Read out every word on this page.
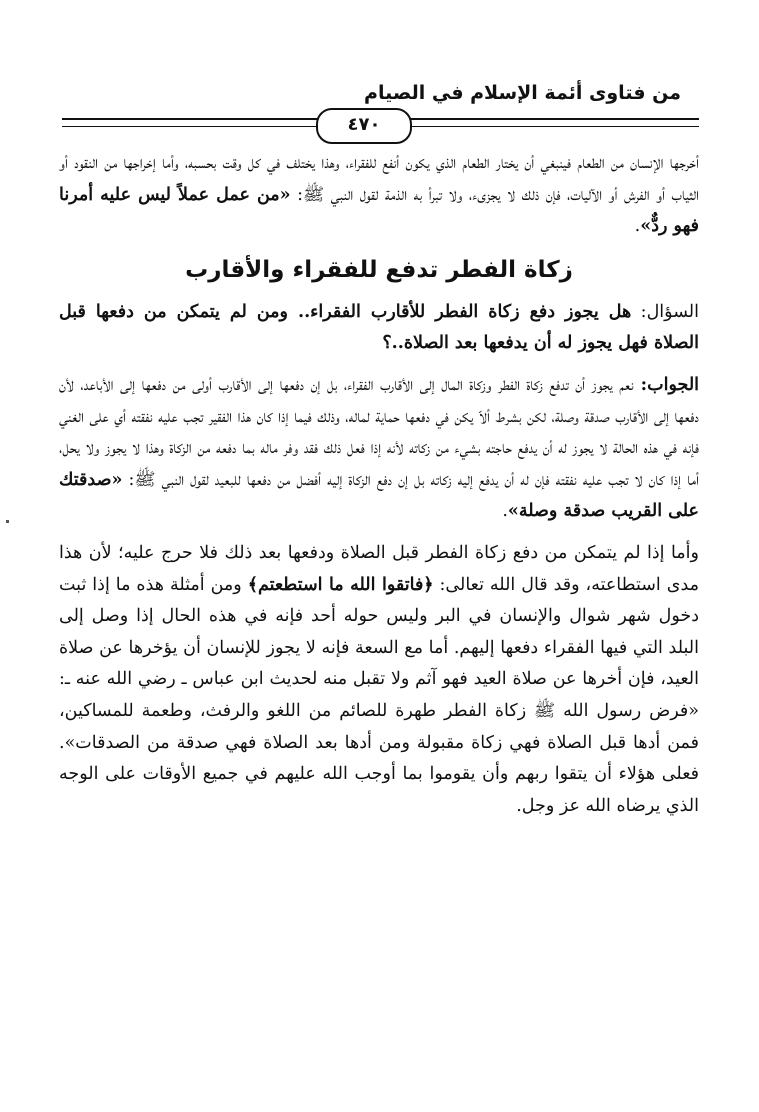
من فتاوى أئمة الإسلام في الصيام
٤٧٠

أخرجها الإنسان من الطعام فينبغي أن يختار الطعام الذي يكون أنفع للفقراء، وهذا يختلف في كل وقت بحسبه، وأما إخراجها من النقود أو الثياب أو الفرش أو الآليات، فإن ذلك لا يجزىء، ولا تبرأ به الذمة لقول النبي ﷺ: «من عمل عملاً ليس عليه أمرنا فهو ردٌّ».

زكاة الفطر تدفع للفقراء والأقارب

السؤال: هل يجوز دفع زكاة الفطر للأقارب الفقراء.. ومن لم يتمكن من دفعها قبل الصلاة فهل يجوز له أن يدفعها بعد الصلاة..؟

الجواب: نعم يجوز أن تدفع زكاة الفطر وزكاة المال إلى الأقارب الفقراء، بل إن دفعها إلى الأقارب أولى من دفعها إلى الأباعد، لأن دفعها إلى الأقارب صدقة وصلة، لكن بشرط ألاّ يكن في دفعها حماية لماله، وذلك فيما إذا كان هذا الفقير تجب عليه نفقته أي على الغني فإنه في هذه الحالة لا يجوز له أن يدفع حاجته بشيء من زكاته لأنه إذا فعل ذلك فقد وفر ماله بما دفعه من الزكاة وهذا لا يجوز ولا يحل، أما إذا كان لا تجب عليه نفقته فإن له أن يدفع إليه زكاته بل إن دفع الزكاة إليه أفضل من دفعها للبعيد لقول النبي ﷺ: «صدقتك على القريب صدقة وصلة».

وأما إذا لم يتمكن من دفع زكاة الفطر قبل الصلاة ودفعها بعد ذلك فلا حرج عليه؛ لأن هذا مدى استطاعته، وقد قال الله تعالى: ﴿فاتقوا الله ما استطعتم﴾ ومن أمثلة هذه ما إذا ثبت دخول شهر شوال والإنسان في البر وليس حوله أحد فإنه في هذه الحال إذا وصل إلى البلد التي فيها الفقراء دفعها إليهم. أما مع السعة فإنه لا يجوز للإنسان أن يؤخرها عن صلاة العيد، فإن أخرها عن صلاة العيد فهو آثم ولا تقبل منه لحديث ابن عباس ـ رضي الله عنه ـ: «فرض رسول الله ﷺ زكاة الفطر طهرة للصائم من اللغو والرفث، وطعمة للمساكين، فمن أدها قبل الصلاة فهي زكاة مقبولة ومن أدها بعد الصلاة فهي صدقة من الصدقات». فعلى هؤلاء أن يتقوا ربهم وأن يقوموا بما أوجب الله عليهم في جميع الأوقات على الوجه الذي يرضاه الله عز وجل.
